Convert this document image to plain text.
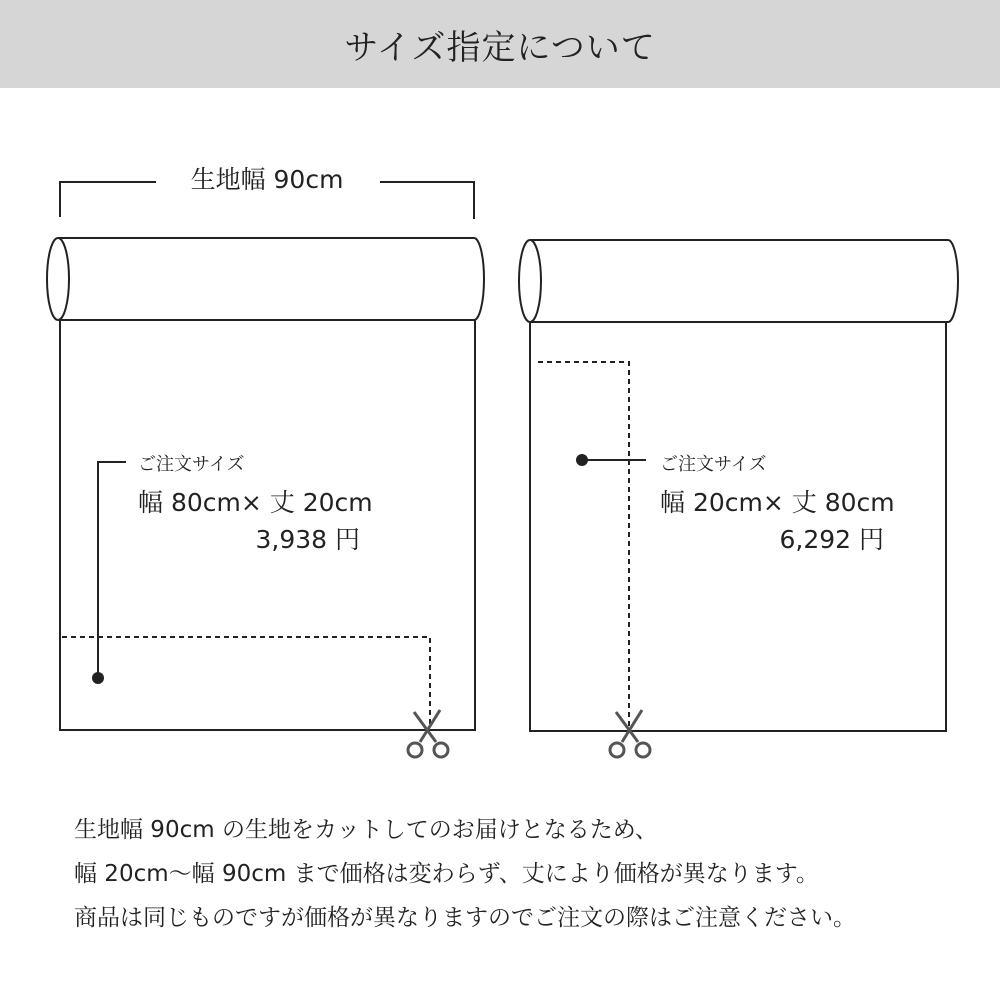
サイズ指定について
生地幅 90cm
ご注文サイズ
幅 80cm× 丈 20cm
3,938 円
ご注文サイズ
幅 20cm× 丈 80cm
6,292 円

生地幅 90cm の生地をカットしてのお届けとなるため、

幅 20cm〜幅 90cm まで価格は変わらず、丈により価格が異なります。

商品は同じものですが価格が異なりますのでご注文の際はご注意ください。
